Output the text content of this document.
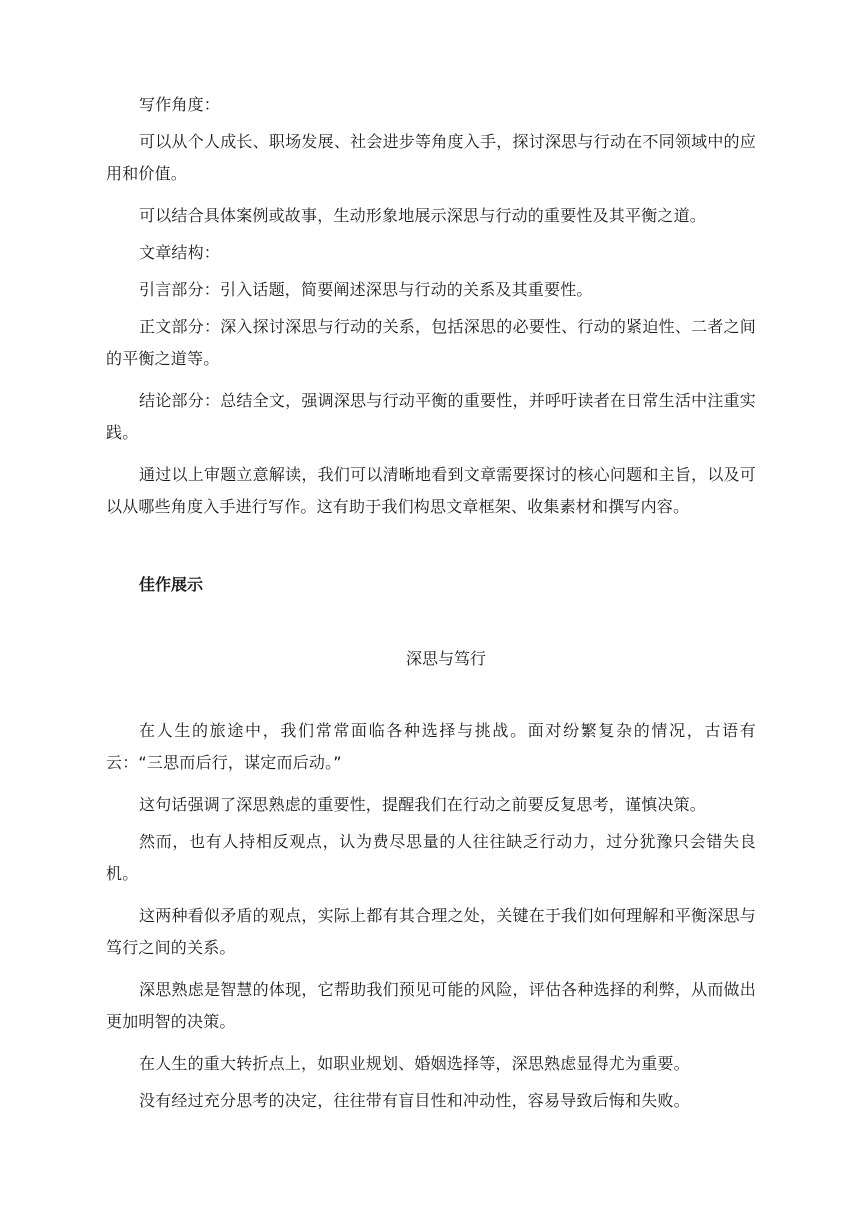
写作角度：

可以从个人成长、职场发展、社会进步等角度入手，探讨深思与行动在不同领域中的应用和价值。

可以结合具体案例或故事，生动形象地展示深思与行动的重要性及其平衡之道。

文章结构：

引言部分：引入话题，简要阐述深思与行动的关系及其重要性。

正文部分：深入探讨深思与行动的关系，包括深思的必要性、行动的紧迫性、二者之间的平衡之道等。

结论部分：总结全文，强调深思与行动平衡的重要性，并呼吁读者在日常生活中注重实践。

通过以上审题立意解读，我们可以清晰地看到文章需要探讨的核心问题和主旨，以及可以从哪些角度入手进行写作。这有助于我们构思文章框架、收集素材和撰写内容。

佳作展示

深思与笃行

在人生的旅途中，我们常常面临各种选择与挑战。面对纷繁复杂的情况，古语有云：“三思而后行，谋定而后动。”

这句话强调了深思熟虑的重要性，提醒我们在行动之前要反复思考，谨慎决策。

然而，也有人持相反观点，认为费尽思量的人往往缺乏行动力，过分犹豫只会错失良机。

这两种看似矛盾的观点，实际上都有其合理之处，关键在于我们如何理解和平衡深思与笃行之间的关系。

深思熟虑是智慧的体现，它帮助我们预见可能的风险，评估各种选择的利弊，从而做出更加明智的决策。

在人生的重大转折点上，如职业规划、婚姻选择等，深思熟虑显得尤为重要。

没有经过充分思考的决定，往往带有盲目性和冲动性，容易导致后悔和失败。
